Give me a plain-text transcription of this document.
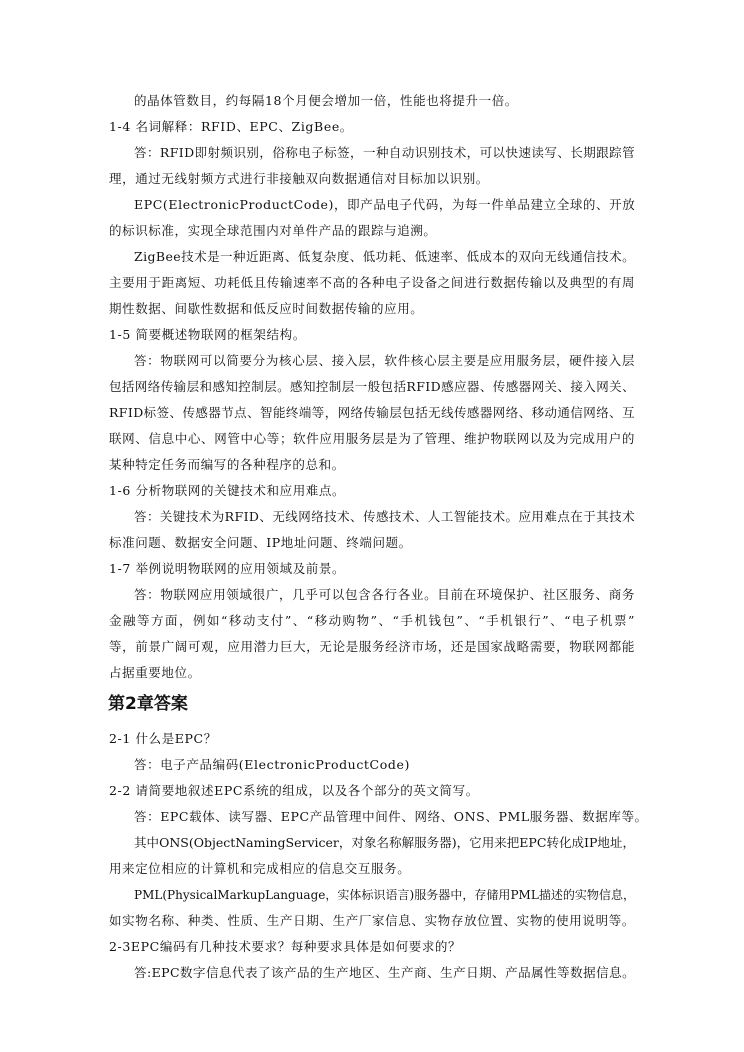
的晶体管数目，约每隔18个月便会增加一倍，性能也将提升一倍。

1-4 名词解释：RFID、EPC、ZigBee。

答：RFID即射频识别，俗称电子标签，一种自动识别技术，可以快速读写、长期跟踪管

理，通过无线射频方式进行非接触双向数据通信对目标加以识别。

EPC(ElectronicProductCode)，即产品电子代码，为每一件单品建立全球的、开放

的标识标准，实现全球范围内对单件产品的跟踪与追溯。

ZigBee技术是一种近距离、低复杂度、低功耗、低速率、低成本的双向无线通信技术。

主要用于距离短、功耗低且传输速率不高的各种电子设备之间进行数据传输以及典型的有周

期性数据、间歇性数据和低反应时间数据传输的应用。

1-5 简要概述物联网的框架结构。

答：物联网可以简要分为核心层、接入层，软件核心层主要是应用服务层，硬件接入层

包括网络传输层和感知控制层。感知控制层一般包括RFID感应器、传感器网关、接入网关、

RFID标签、传感器节点、智能终端等，网络传输层包括无线传感器网络、移动通信网络、互

联网、信息中心、网管中心等；软件应用服务层是为了管理、维护物联网以及为完成用户的

某种特定任务而编写的各种程序的总和。

1-6 分析物联网的关键技术和应用难点。

答：关键技术为RFID、无线网络技术、传感技术、人工智能技术。应用难点在于其技术

标准问题、数据安全问题、IP地址问题、终端问题。

1-7 举例说明物联网的应用领域及前景。

答：物联网应用领域很广，几乎可以包含各行各业。目前在环境保护、社区服务、商务

金融等方面，例如“移动支付”、“移动购物”、“手机钱包”、“手机银行”、“电子机票”

等，前景广阔可观，应用潜力巨大，无论是服务经济市场，还是国家战略需要，物联网都能

占据重要地位。

第2章答案

2-1 什么是EPC？

答：电子产品编码(ElectronicProductCode)

2-2 请简要地叙述EPC系统的组成，以及各个部分的英文简写。

答：EPC载体、读写器、EPC产品管理中间件、网络、ONS、PML服务器、数据库等。

其中ONS(ObjectNamingServicer，对象名称解服务器)，它用来把EPC转化成IP地址，

用来定位相应的计算机和完成相应的信息交互服务。

PML(PhysicalMarkupLanguage，实体标识语言)服务器中，存储用PML描述的实物信息，

如实物名称、种类、性质、生产日期、生产厂家信息、实物存放位置、实物的使用说明等。

2-3EPC编码有几种技术要求？每种要求具体是如何要求的？

答:EPC数字信息代表了该产品的生产地区、生产商、生产日期、产品属性等数据信息。
